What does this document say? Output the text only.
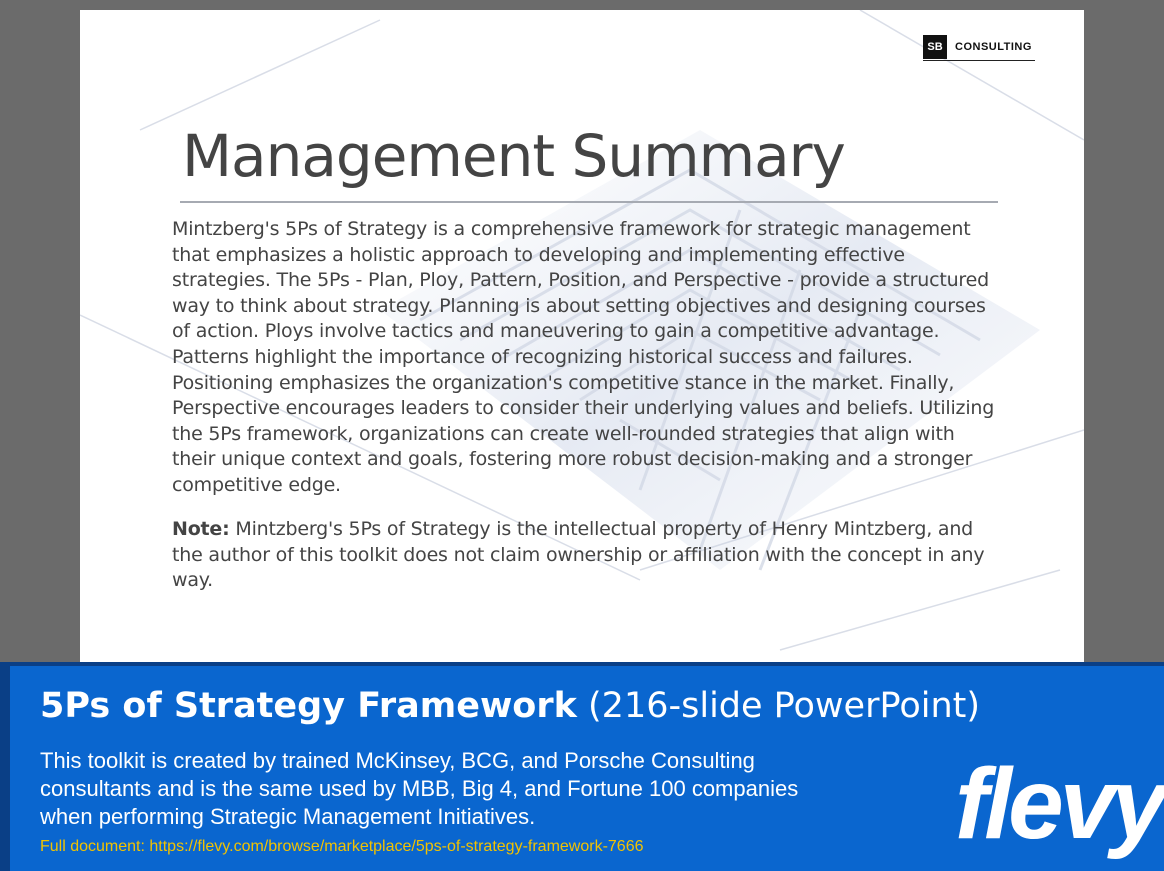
SB	CONSULTING
Management Summary

Mintzberg's 5Ps of Strategy is a comprehensive framework for strategic management that emphasizes a holistic approach to developing and implementing effective strategies. The 5Ps - Plan, Ploy, Pattern, Position, and Perspective - provide a structured way to think about strategy. Planning is about setting objectives and designing courses of action. Ploys involve tactics and maneuvering to gain a competitive advantage. Patterns highlight the importance of recognizing historical success and failures. Positioning emphasizes the organization's competitive stance in the market. Finally, Perspective encourages leaders to consider their underlying values and beliefs. Utilizing the 5Ps framework, organizations can create well-rounded strategies that align with their unique context and goals, fostering more robust decision-making and a stronger competitive edge.

Note: Mintzberg's 5Ps of Strategy is the intellectual property of Henry Mintzberg, and the author of this toolkit does not claim ownership or affiliation with the concept in any way.

5Ps of Strategy Framework (216-slide PowerPoint)

This toolkit is created by trained McKinsey, BCG, and Porsche Consulting consultants and is the same used by MBB, Big 4, and Fortune 100 companies when performing Strategic Management Initiatives.

Full document: https://flevy.com/browse/marketplace/5ps-of-strategy-framework-7666	flevy
